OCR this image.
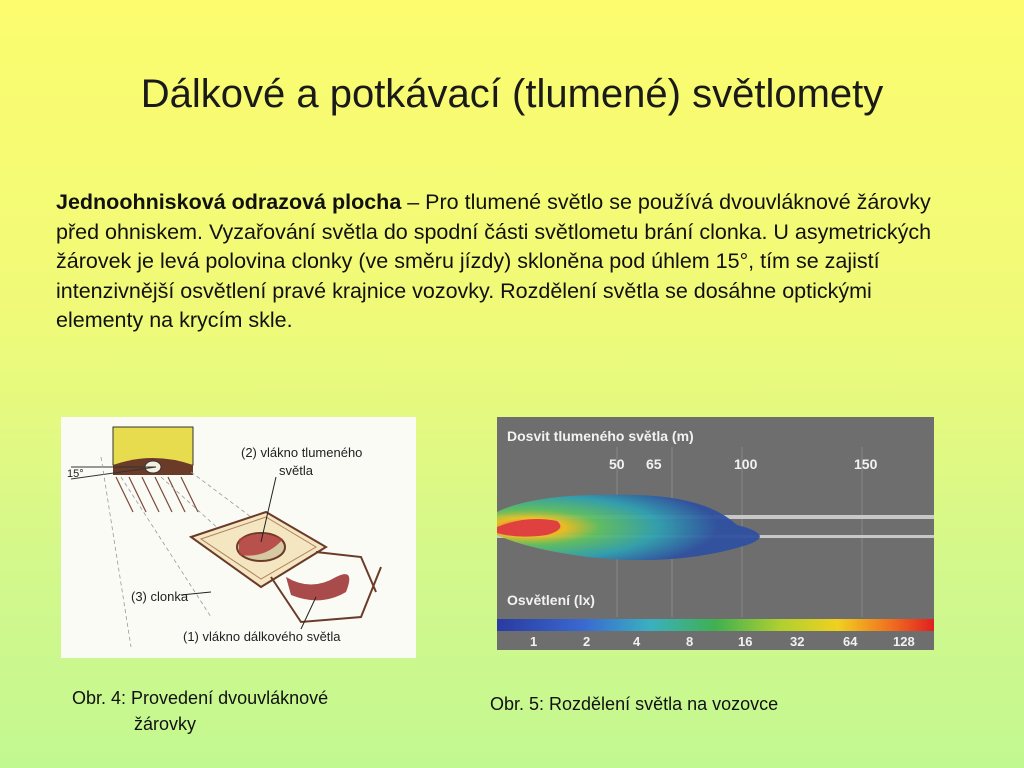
Dálkové a potkávací (tlumené) světlomety
Jednoohnisková odrazová plocha – Pro tlumené světlo se používá dvouvláknové žárovky před ohniskem. Vyzařování světla do spodní části světlometu brání clonka. U asymetrických žárovek je levá polovina clonky (ve směru jízdy) skloněna pod úhlem 15°, tím se zajistí intenzivnější osvětlení pravé krajnice vozovky. Rozdělení světla se dosáhne optickými elementy na krycím skle.
15°
(2) vlákno tlumeného
světla
(3) clonka
(1) vlákno dálkového světla
Dosvit tlumeného světla (m)
50 65	100	150
Osvětlení (lx)
1	2	4	8	16	32	64	128
Obr. 4: Provedení dvouvláknové
žárovky
Obr. 5: Rozdělení světla na vozovce
